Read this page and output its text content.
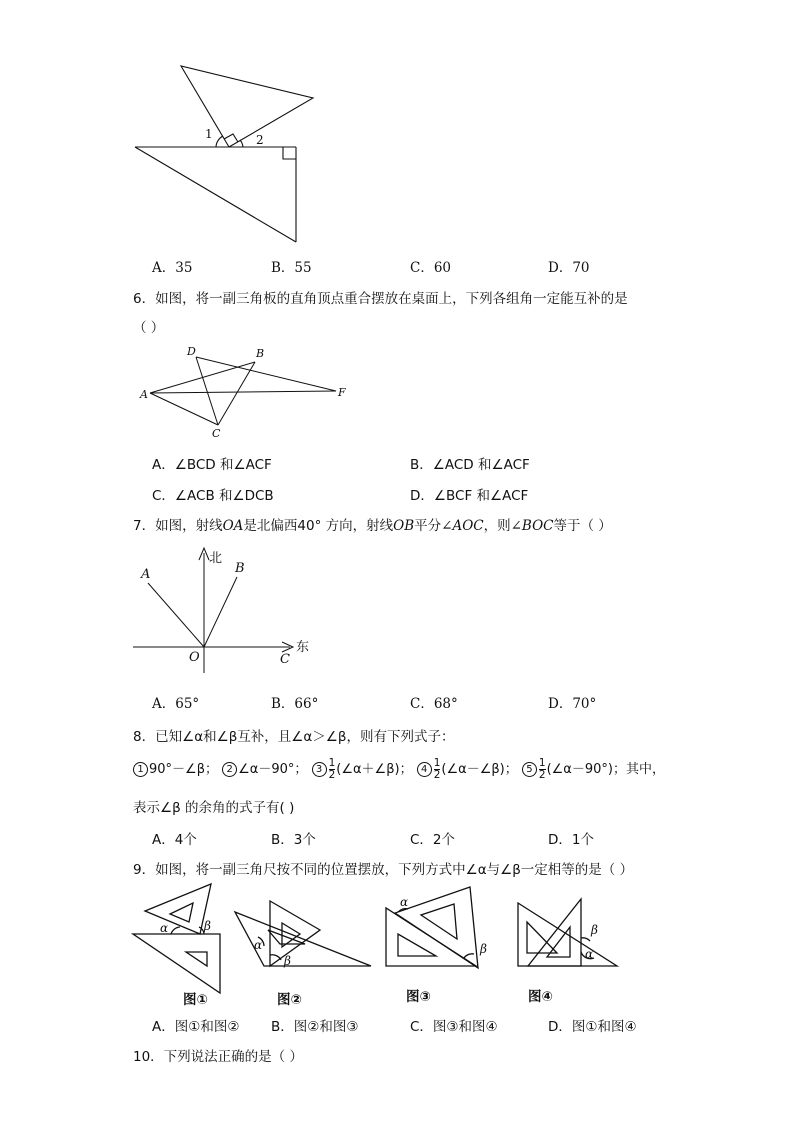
1	2
A．35	B．55	C．60	D．70
6．如图，将一副三角板的直角顶点重合摆放在桌面上，下列各组角一定能互补的是
（ ）
D	B
A	F
C
A．∠BCD 和∠ACF	B．∠ACD 和∠ACF
C．∠ACB 和∠DCB	D．∠BCF 和∠ACF
7．如图，射线OA是北偏西40° 方向，射线OB平分∠AOC，则∠BOC等于（ ）
北
东
A	B
O	C
A．65°	B．66°	C．68°	D．70°
8．已知∠α和∠β互补，且∠α＞∠β，则有下列式子：
1 90°－∠β； 2 ∠α－90°； $3 \frac{1}{2}$ (∠α＋∠β)； $4 \frac{1}{2}$ (∠α－∠β)； $5 \frac{1}{2}$ (∠α－90°)；其中，
表示∠β 的余角的式子有( )
A．4个	B．3个	C．2个	D．1个
9．如图，将一副三角尺按不同的位置摆放，下列方式中∠α与∠β一定相等的是（ ）
α	β
α
β
α
β
β
α
图①	图②	图③	图④
A．图①和图② B．图②和图③	C．图③和图④	D．图①和图④
10．下列说法正确的是（ ）
